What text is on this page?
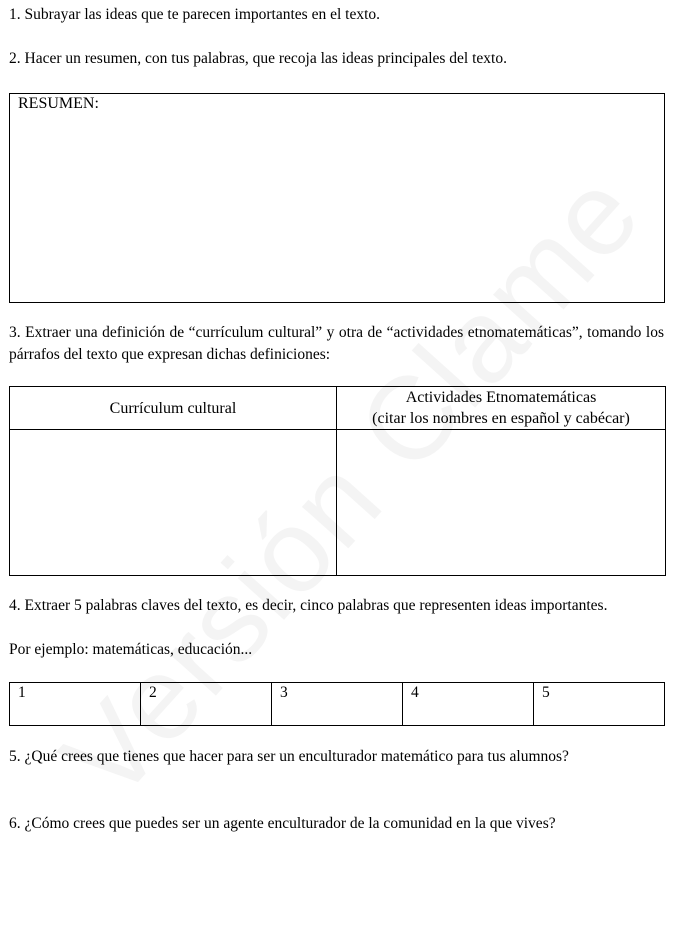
1. Subrayar las ideas que te parecen importantes en el texto.
2. Hacer un resumen, con tus palabras, que recoja las ideas principales del texto.
RESUMEN:
3. Extraer una definición de “currículum cultural” y otra de “actividades etnomatemáticas”, tomando los párrafos del texto que expresan dichas definiciones:
Currículum cultural	Actividades Etnomatemáticas
(citar los nombres en español y cabécar)

4. Extraer 5 palabras claves del texto, es decir, cinco palabras que representen ideas importantes.
Por ejemplo: matemáticas, educación...
1	2	3	4	5
5. ¿Qué crees que tienes que hacer para ser un enculturador matemático para tus alumnos?
6. ¿Cómo crees que puedes ser un agente enculturador de la comunidad en la que vives?
